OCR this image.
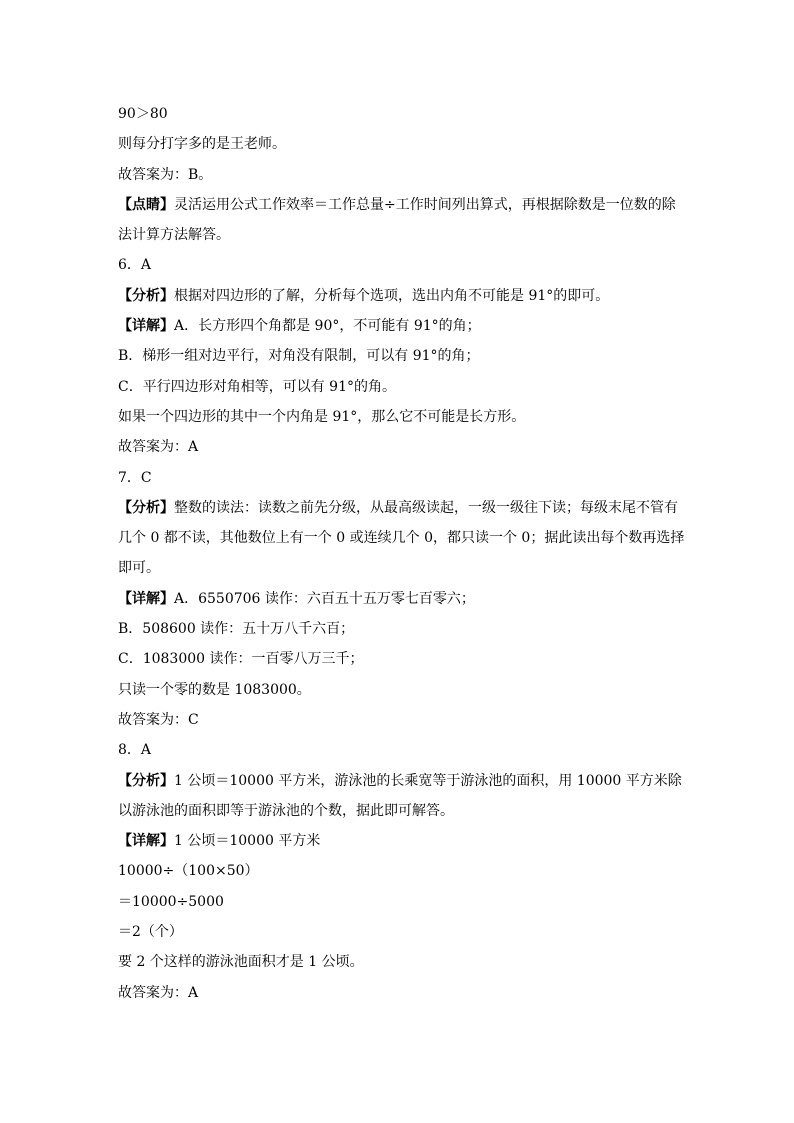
90＞80
则每分打字多的是王老师。
故答案为：B。
【点睛】灵活运用公式工作效率＝工作总量÷工作时间列出算式，再根据除数是一位数的除法计算方法解答。
6．A
【分析】根据对四边形的了解，分析每个选项，选出内角不可能是 91°的即可。
【详解】A．长方形四个角都是 90°，不可能有 91°的角；
B．梯形一组对边平行，对角没有限制，可以有 91°的角；
C．平行四边形对角相等，可以有 91°的角。
如果一个四边形的其中一个内角是 91°，那么它不可能是长方形。
故答案为：A
7．C
【分析】整数的读法：读数之前先分级，从最高级读起，一级一级往下读；每级末尾不管有几个 0 都不读，其他数位上有一个 0 或连续几个 0，都只读一个 0；据此读出每个数再选择即可。
【详解】A．6550706 读作：六百五十五万零七百零六；
B．508600 读作：五十万八千六百；
C．1083000 读作：一百零八万三千；
只读一个零的数是 1083000。
故答案为：C
8．A
【分析】1 公顷＝10000 平方米，游泳池的长乘宽等于游泳池的面积，用 10000 平方米除以游泳池的面积即等于游泳池的个数，据此即可解答。
【详解】1 公顷＝10000 平方米
10000÷（100×50）
＝10000÷5000
＝2（个）
要 2 个这样的游泳池面积才是 1 公顷。
故答案为：A
